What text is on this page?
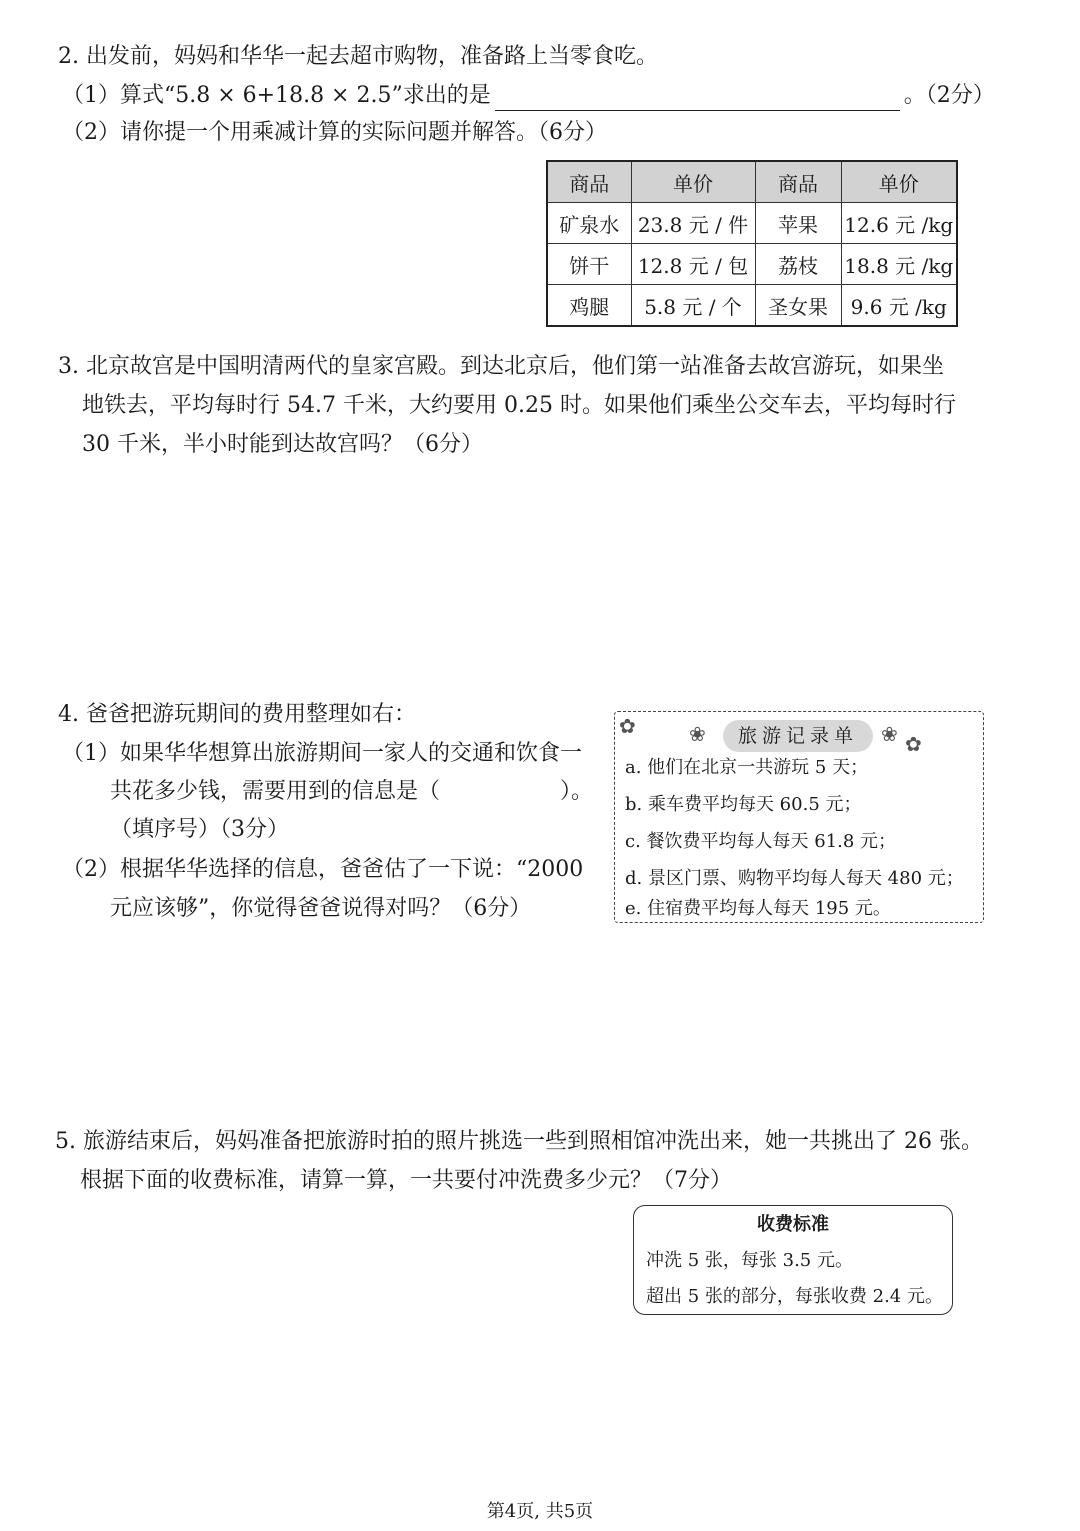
2. 出发前，妈妈和华华一起去超市购物，准备路上当零食吃。
（1）算式“5.8 × 6+18.8 × 2.5”求出的是	。（2分）
（2）请你提一个用乘减计算的实际问题并解答。（6分）
商品	单价	商品	单价
矿泉水	23.8 元 / 件	苹果	12.6 元 /kg
饼干	12.8 元 / 包	荔枝	18.8 元 /kg
鸡腿	5.8 元 / 个	圣女果	9.6 元 /kg
3. 北京故宫是中国明清两代的皇家宫殿。到达北京后，他们第一站准备去故宫游玩，如果坐
地铁去，平均每时行 54.7 千米，大约要用 0.25 时。如果他们乘坐公交车去，平均每时行
30 千米，半小时能到达故宫吗？（6分）
4. 爸爸把游玩期间的费用整理如右：
（1）如果华华想算出旅游期间一家人的交通和饮食一
共花多少钱，需要用到的信息是（	）。
（填序号）（3分）
（2）根据华华选择的信息，爸爸估了一下说：“2000
元应该够”，你觉得爸爸说得对吗？（6分）
✿	❀	旅游记录单	❀ ✿
a. 他们在北京一共游玩 5 天；
b. 乘车费平均每天 60.5 元；
c. 餐饮费平均每人每天 61.8 元；
d. 景区门票、购物平均每人每天 480 元；
e. 住宿费平均每人每天 195 元。
5. 旅游结束后，妈妈准备把旅游时拍的照片挑选一些到照相馆冲洗出来，她一共挑出了 26 张。
根据下面的收费标准，请算一算，一共要付冲洗费多少元？（7分）
收费标准
冲洗 5 张，每张 3.5 元。
超出 5 张的部分，每张收费 2.4 元。
第4页, 共5页
